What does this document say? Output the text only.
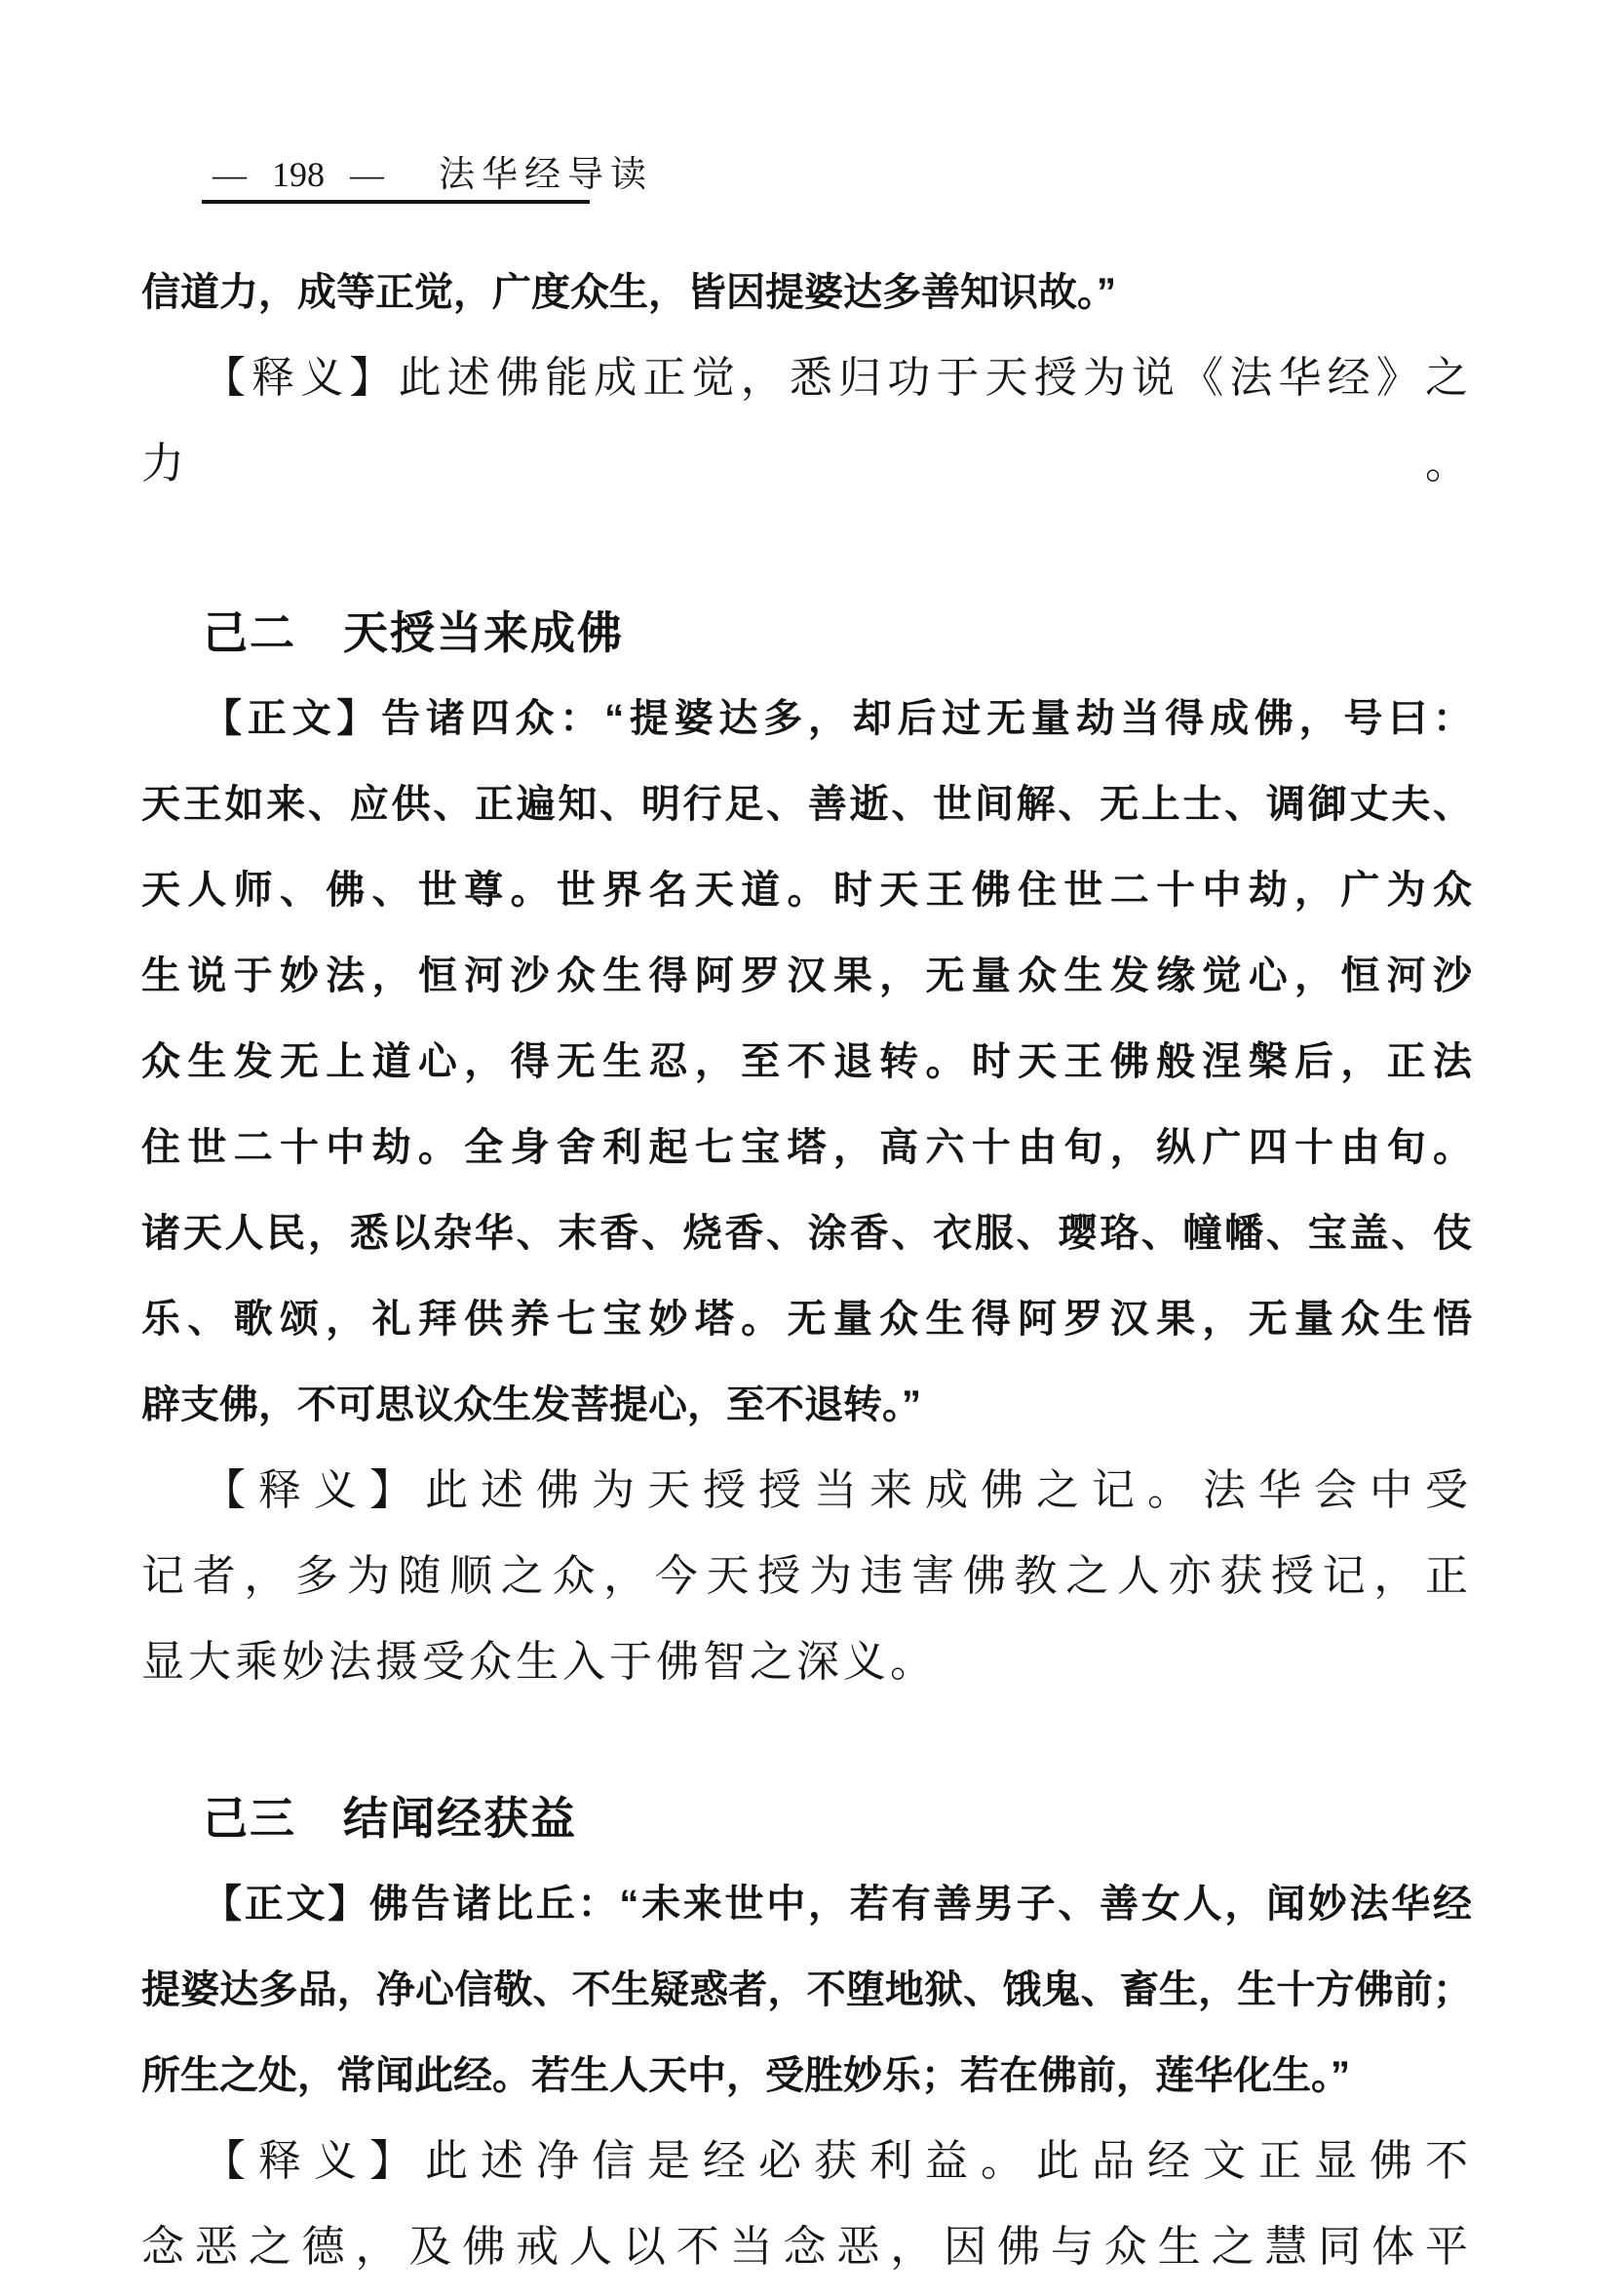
— 198 — 法华经导读
信道力，成等正觉，广度众生，皆因提婆达多善知识故。”
【释义】此述佛能成正觉，悉归功于天授为说《法华经》之力。
己二　天授当来成佛
【正文】告诸四众：“提婆达多，却后过无量劫当得成佛，号曰：
天王如来、应供、正遍知、明行足、善逝、世间解、无上士、调御丈夫、
天人师、佛、世尊。世界名天道。时天王佛住世二十中劫，广为众
生说于妙法，恒河沙众生得阿罗汉果，无量众生发缘觉心，恒河沙
众生发无上道心，得无生忍，至不退转。时天王佛般涅槃后，正法
住世二十中劫。全身舍利起七宝塔，高六十由旬，纵广四十由旬。
诸天人民，悉以杂华、末香、烧香、涂香、衣服、璎珞、幢幡、宝盖、伎
乐、歌颂，礼拜供养七宝妙塔。无量众生得阿罗汉果，无量众生悟
辟支佛，不可思议众生发菩提心，至不退转。”
【释义】此述佛为天授授当来成佛之记。法华会中受
记者，多为随顺之众，今天授为违害佛教之人亦获授记，正
显大乘妙法摄受众生入于佛智之深义。
己三　结闻经获益
【正文】佛告诸比丘：“未来世中，若有善男子、善女人，闻妙法华经
提婆达多品，净心信敬、不生疑惑者，不堕地狱、饿鬼、畜生，生十方佛前；
所生之处，常闻此经。若生人天中，受胜妙乐；若在佛前，莲华化生。”
【释义】此述净信是经必获利益。此品经文正显佛不
念恶之德，及佛戒人以不当念恶，因佛与众生之慧同体平
